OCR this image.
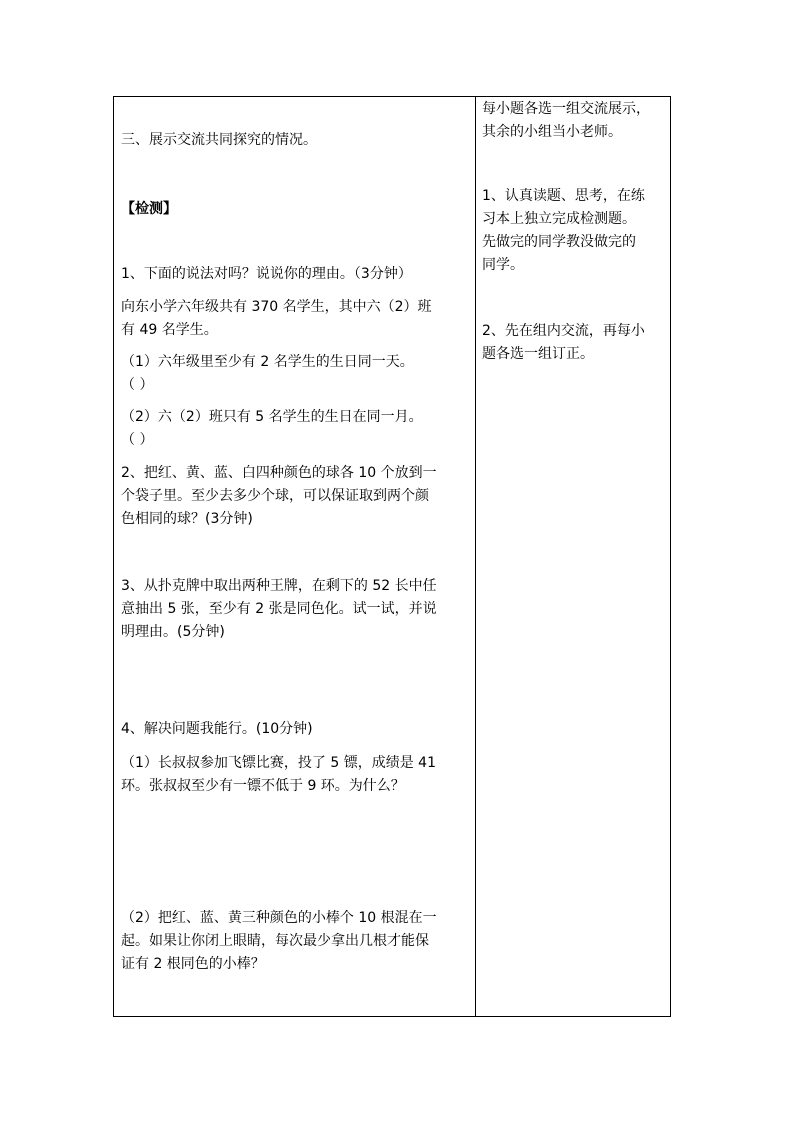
三、展示交流共同探究的情况。
【检测】
1、下面的说法对吗？说说你的理由。（3分钟）
向东小学六年级共有 370 名学生，其中六（2）班
有 49 名学生。
（1）六年级里至少有 2 名学生的生日同一天。
（ ）
（2）六（2）班只有 5 名学生的生日在同一月。
（ ）
2、把红、黄、蓝、白四种颜色的球各 10 个放到一
个袋子里。至少去多少个球，可以保证取到两个颜
色相同的球？(3分钟)
3、从扑克牌中取出两种王牌，在剩下的 52 长中任
意抽出 5 张，至少有 2 张是同色化。试一试，并说
明理由。(5分钟)
4、解决问题我能行。(10分钟)
（1）长叔叔参加飞镖比赛，投了 5 镖，成绩是 41
环。张叔叔至少有一镖不低于 9 环。为什么？
（2）把红、蓝、黄三种颜色的小棒个 10 根混在一
起。如果让你闭上眼睛，每次最少拿出几根才能保
证有 2 根同色的小棒？
每小题各选一组交流展示，
其余的小组当小老师。
1、认真读题、思考，在练
习本上独立完成检测题。
先做完的同学教没做完的
同学。
2、先在组内交流，再每小
题各选一组订正。
